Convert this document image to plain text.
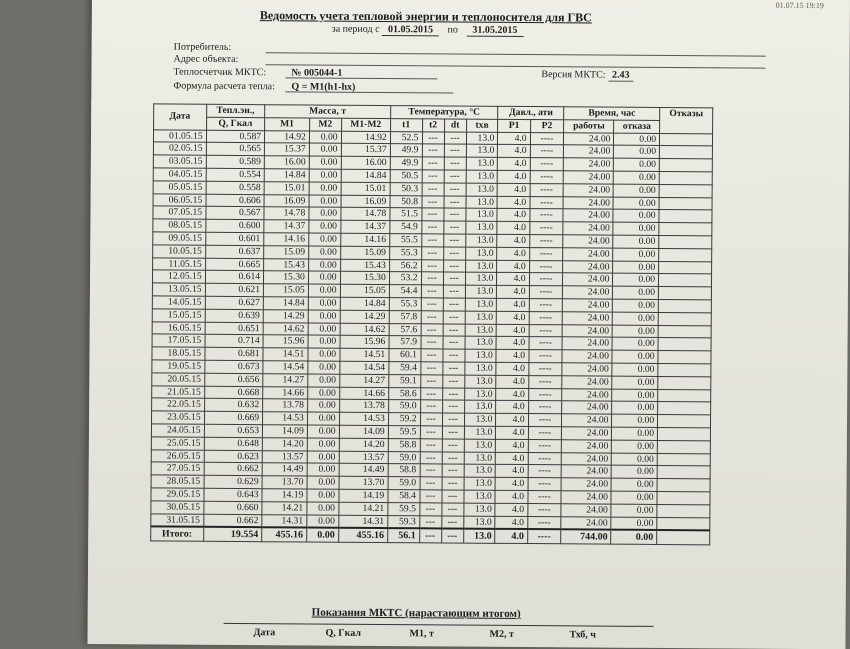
01.07.15 19:19
Ведомость учета тепловой энергии и теплоносителя для ГВС
за период с 01.05.2015 по 31.05.2015
Потребитель:
Адрес объекта:
Теплосчетчик МКТС:	№ 005044-1	Версия МКТС: 2.43
Формула расчета тепла: Q = M1(h1-hx)
Дата	Тепл.эн.,	Масса, т			Температура, °C				Давл., ати		Время, час		Отказы
	Q, Гкал	M1	M2	M1-M2	t1	t2	dt	tхв	P1	P2	работы	отказа	
01.05.15	0.587	14.92	0.00	14.92	52.5	---	---	13.0	4.0	----	24.00	0.00	
02.05.15	0.565	15.37	0.00	15.37	49.9	---	---	13.0	4.0	----	24.00	0.00	
03.05.15	0.589	16.00	0.00	16.00	49.9	---	---	13.0	4.0	----	24.00	0.00	
04.05.15	0.554	14.84	0.00	14.84	50.5	---	---	13.0	4.0	----	24.00	0.00	
05.05.15	0.558	15.01	0.00	15.01	50.3	---	---	13.0	4.0	----	24.00	0.00	
06.05.15	0.606	16.09	0.00	16.09	50.8	---	---	13.0	4.0	----	24.00	0.00	
07.05.15	0.567	14.78	0.00	14.78	51.5	---	---	13.0	4.0	----	24.00	0.00	
08.05.15	0.600	14.37	0.00	14.37	54.9	---	---	13.0	4.0	----	24.00	0.00	
09.05.15	0.601	14.16	0.00	14.16	55.5	---	---	13.0	4.0	----	24.00	0.00	
10.05.15	0.637	15.09	0.00	15.09	55.3	---	---	13.0	4.0	----	24.00	0.00	
11.05.15	0.665	15.43	0.00	15.43	56.2	---	---	13.0	4.0	----	24.00	0.00	
12.05.15	0.614	15.30	0.00	15.30	53.2	---	---	13.0	4.0	----	24.00	0.00	
13.05.15	0.621	15.05	0.00	15.05	54.4	---	---	13.0	4.0	----	24.00	0.00	
14.05.15	0.627	14.84	0.00	14.84	55.3	---	---	13.0	4.0	----	24.00	0.00	
15.05.15	0.639	14.29	0.00	14.29	57.8	---	---	13.0	4.0	----	24.00	0.00	
16.05.15	0.651	14.62	0.00	14.62	57.6	---	---	13.0	4.0	----	24.00	0.00	
17.05.15	0.714	15.96	0.00	15.96	57.9	---	---	13.0	4.0	----	24.00	0.00	
18.05.15	0.681	14.51	0.00	14.51	60.1	---	---	13.0	4.0	----	24.00	0.00	
19.05.15	0.673	14.54	0.00	14.54	59.4	---	---	13.0	4.0	----	24.00	0.00	
20.05.15	0.656	14.27	0.00	14.27	59.1	---	---	13.0	4.0	----	24.00	0.00	
21.05.15	0.668	14.66	0.00	14.66	58.6	---	---	13.0	4.0	----	24.00	0.00	
22.05.15	0.632	13.78	0.00	13.78	59.0	---	---	13.0	4.0	----	24.00	0.00	
23.05.15	0.669	14.53	0.00	14.53	59.2	---	---	13.0	4.0	----	24.00	0.00	
24.05.15	0.653	14.09	0.00	14.09	59.5	---	---	13.0	4.0	----	24.00	0.00	
25.05.15	0.648	14.20	0.00	14.20	58.8	---	---	13.0	4.0	----	24.00	0.00	
26.05.15	0.623	13.57	0.00	13.57	59.0	---	---	13.0	4.0	----	24.00	0.00	
27.05.15	0.662	14.49	0.00	14.49	58.8	---	---	13.0	4.0	----	24.00	0.00	
28.05.15	0.629	13.70	0.00	13.70	59.0	---	---	13.0	4.0	----	24.00	0.00	
29.05.15	0.643	14.19	0.00	14.19	58.4	---	---	13.0	4.0	----	24.00	0.00	
30.05.15	0.660	14.21	0.00	14.21	59.5	---	---	13.0	4.0	----	24.00	0.00	
31.05.15	0.662	14.31	0.00	14.31	59.3	---	---	13.0	4.0	----	24.00	0.00	
Итого:	19.554	455.16	0.00	455.16	56.1	---	---	13.0	4.0	----	744.00	0.00	
Показания МКТС (нарастающим итогом)
Дата	Q, Гкал	M1, т	M2, т	Тхб, ч
